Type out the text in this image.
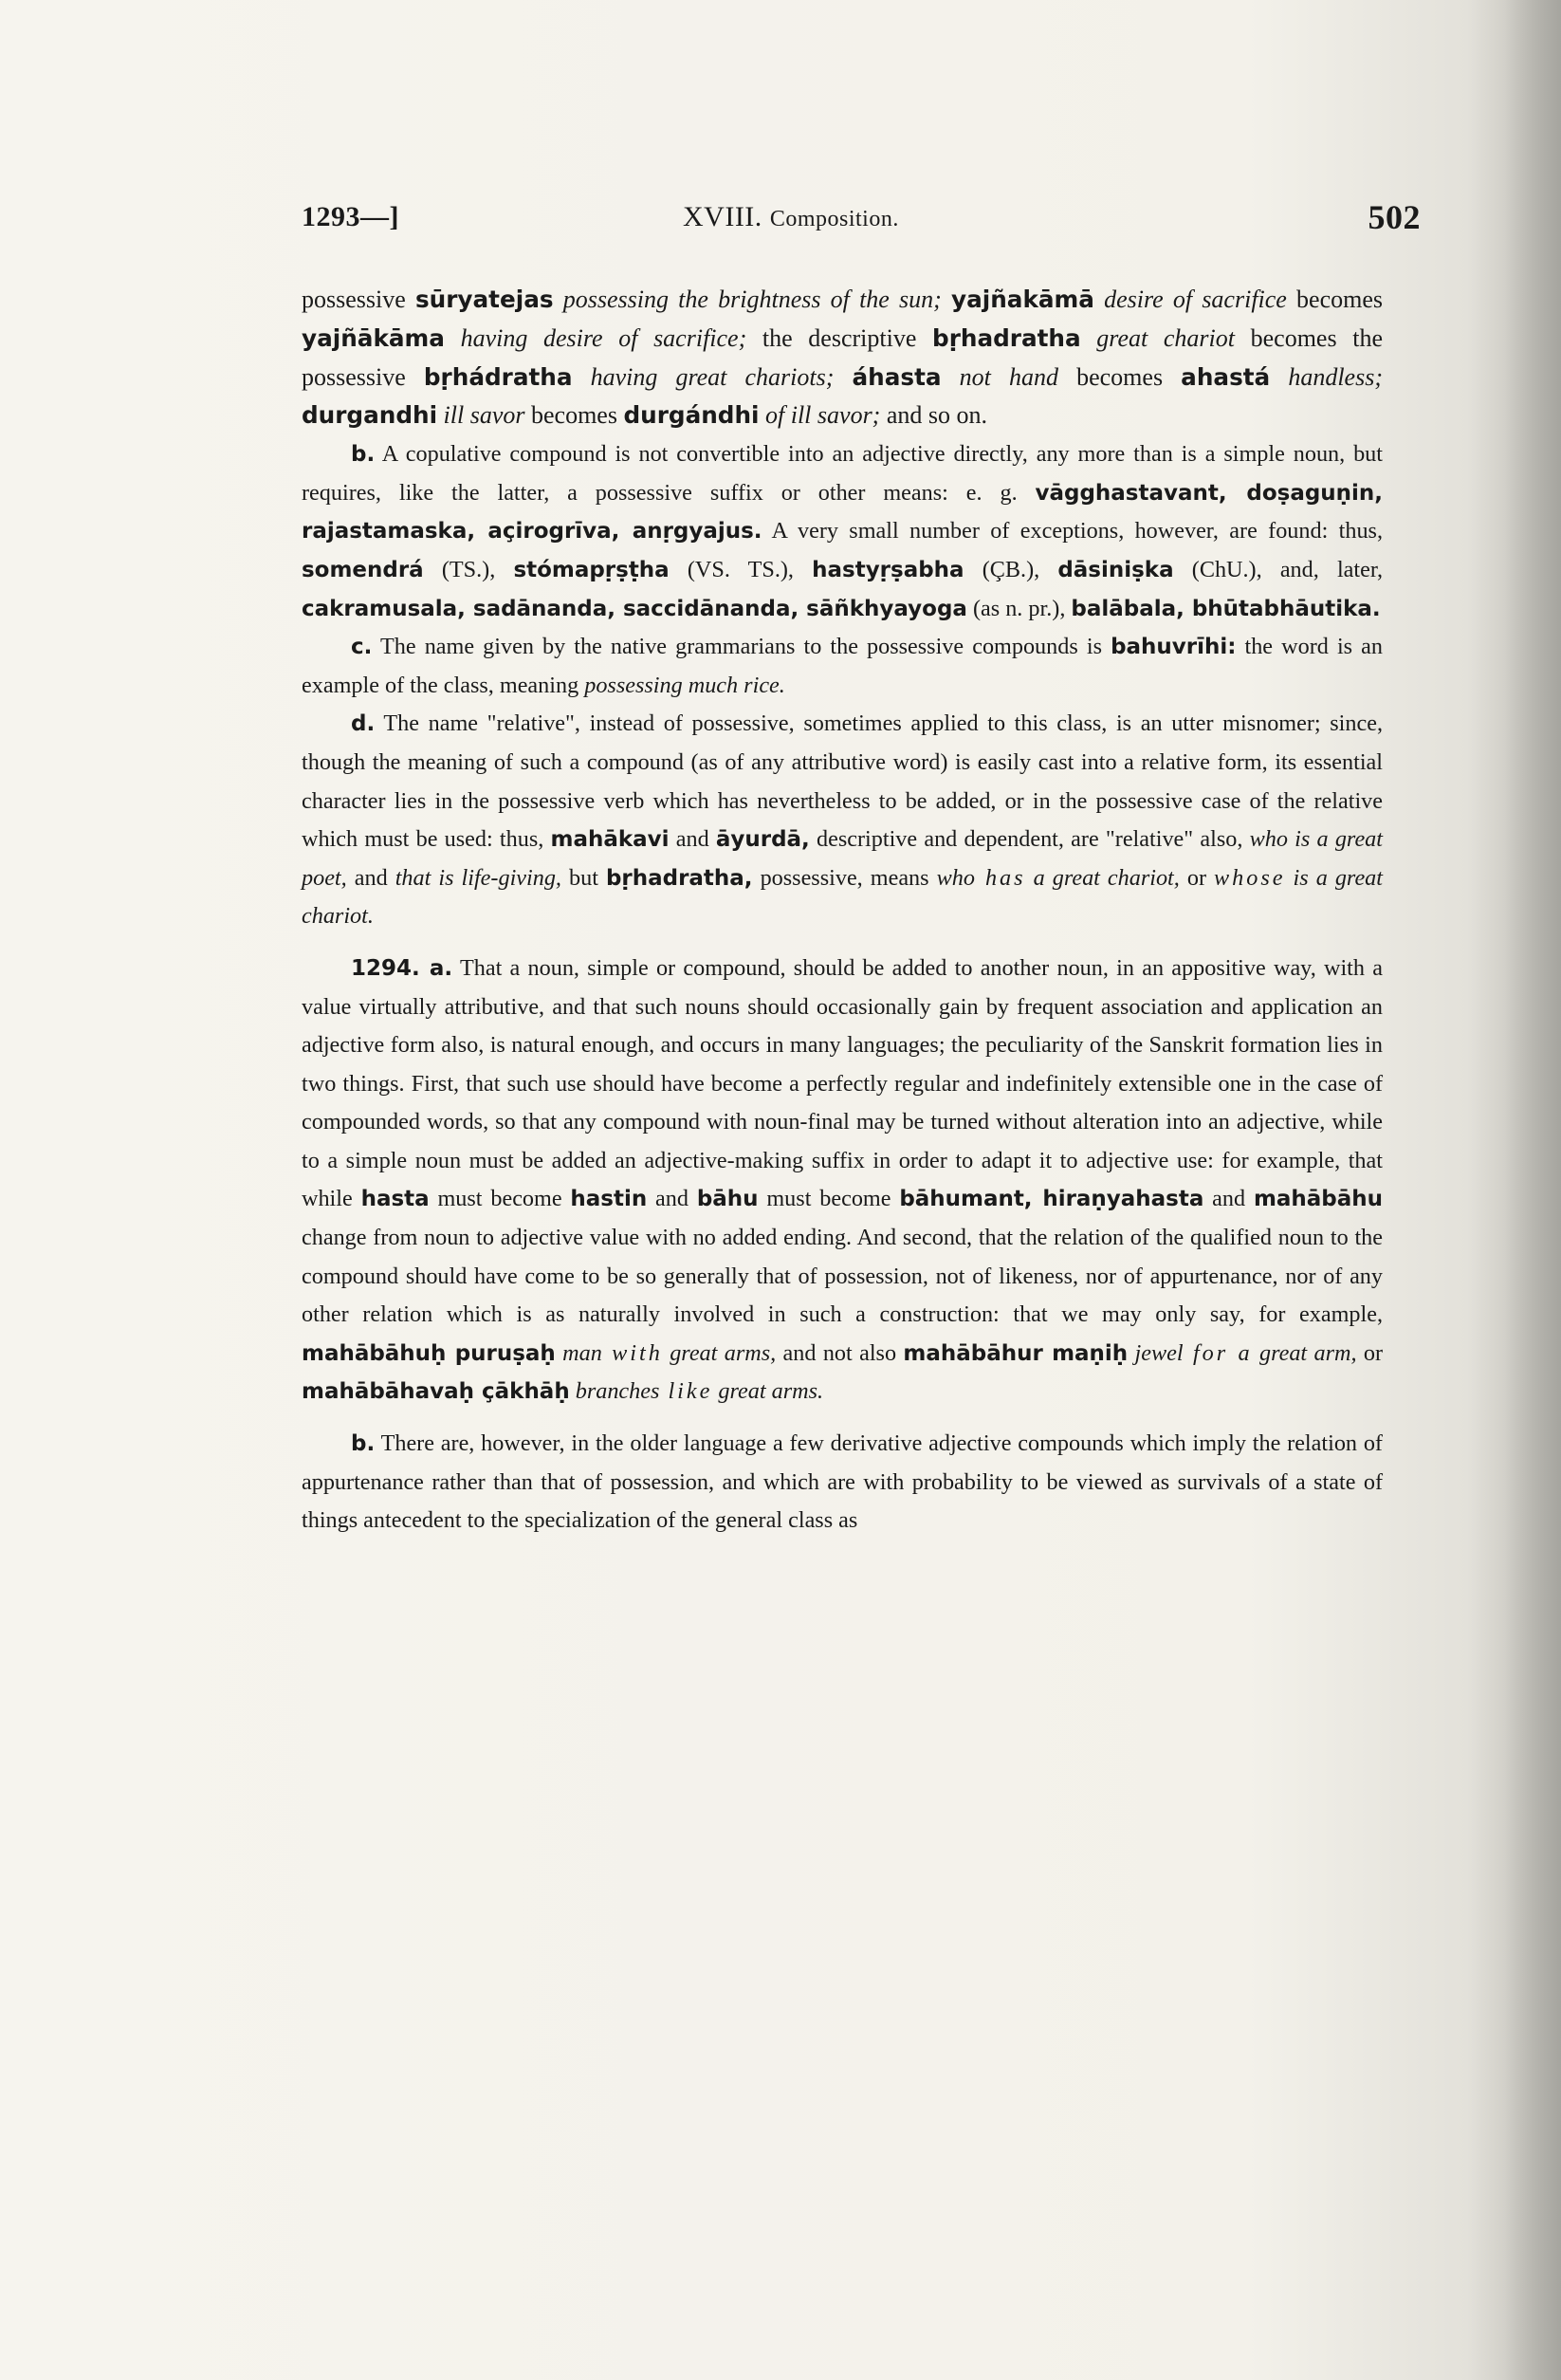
1293—]	XVIII. Composition.	502

possessive sūryatejas possessing the brightness of the sun; yajñakāmā desire of sacrifice becomes yajñākāma having desire of sacrifice; the descriptive bṛhadratha great chariot becomes the possessive bṛhádratha having great chariots; áhasta not hand becomes ahastá handless; durgandhi ill savor becomes durgándhi of ill savor; and so on.

b. A copulative compound is not convertible into an adjective directly, any more than is a simple noun, but requires, like the latter, a possessive suffix or other means: e. g. vāgghastavant, doṣaguṇin, rajastamaska, açirogrīva, anṛgyajus. A very small number of exceptions, however, are found: thus, somendrá (TS.), stómapṛṣṭha (VS. TS.), hastyṛṣabha (ÇB.), dāsiniṣka (ChU.), and, later, cakramusala, sadānanda, saccidānanda, sāñkhyayoga (as n. pr.), balābala, bhūtabhāutika.

c. The name given by the native grammarians to the possessive compounds is bahuvrīhi: the word is an example of the class, meaning possessing much rice.

d. The name "relative", instead of possessive, sometimes applied to this class, is an utter misnomer; since, though the meaning of such a compound (as of any attributive word) is easily cast into a relative form, its essential character lies in the possessive verb which has nevertheless to be added, or in the possessive case of the relative which must be used: thus, mahākavi and āyurdā, descriptive and dependent, are "relative" also, who is a great poet, and that is life-giving, but bṛhadratha, possessive, means who has a great chariot, or whose is a great chariot.

1294. a. That a noun, simple or compound, should be added to another noun, in an appositive way, with a value virtually attributive, and that such nouns should occasionally gain by frequent association and application an adjective form also, is natural enough, and occurs in many languages; the peculiarity of the Sanskrit formation lies in two things. First, that such use should have become a perfectly regular and indefinitely extensible one in the case of compounded words, so that any compound with noun-final may be turned without alteration into an adjective, while to a simple noun must be added an adjective-making suffix in order to adapt it to adjective use: for example, that while hasta must become hastin and bāhu must become bāhumant, hiraṇyahasta and mahābāhu change from noun to adjective value with no added ending. And second, that the relation of the qualified noun to the compound should have come to be so generally that of possession, not of likeness, nor of appurtenance, nor of any other relation which is as naturally involved in such a construction: that we may only say, for example, mahābāhuḥ puruṣaḥ man with great arms, and not also mahābāhur maṇiḥ jewel for a great arm, or mahābāhavaḥ çākhāḥ branches like great arms.

b. There are, however, in the older language a few derivative adjective compounds which imply the relation of appurtenance rather than that of possession, and which are with probability to be viewed as survivals of a state of things antecedent to the specialization of the general class as
